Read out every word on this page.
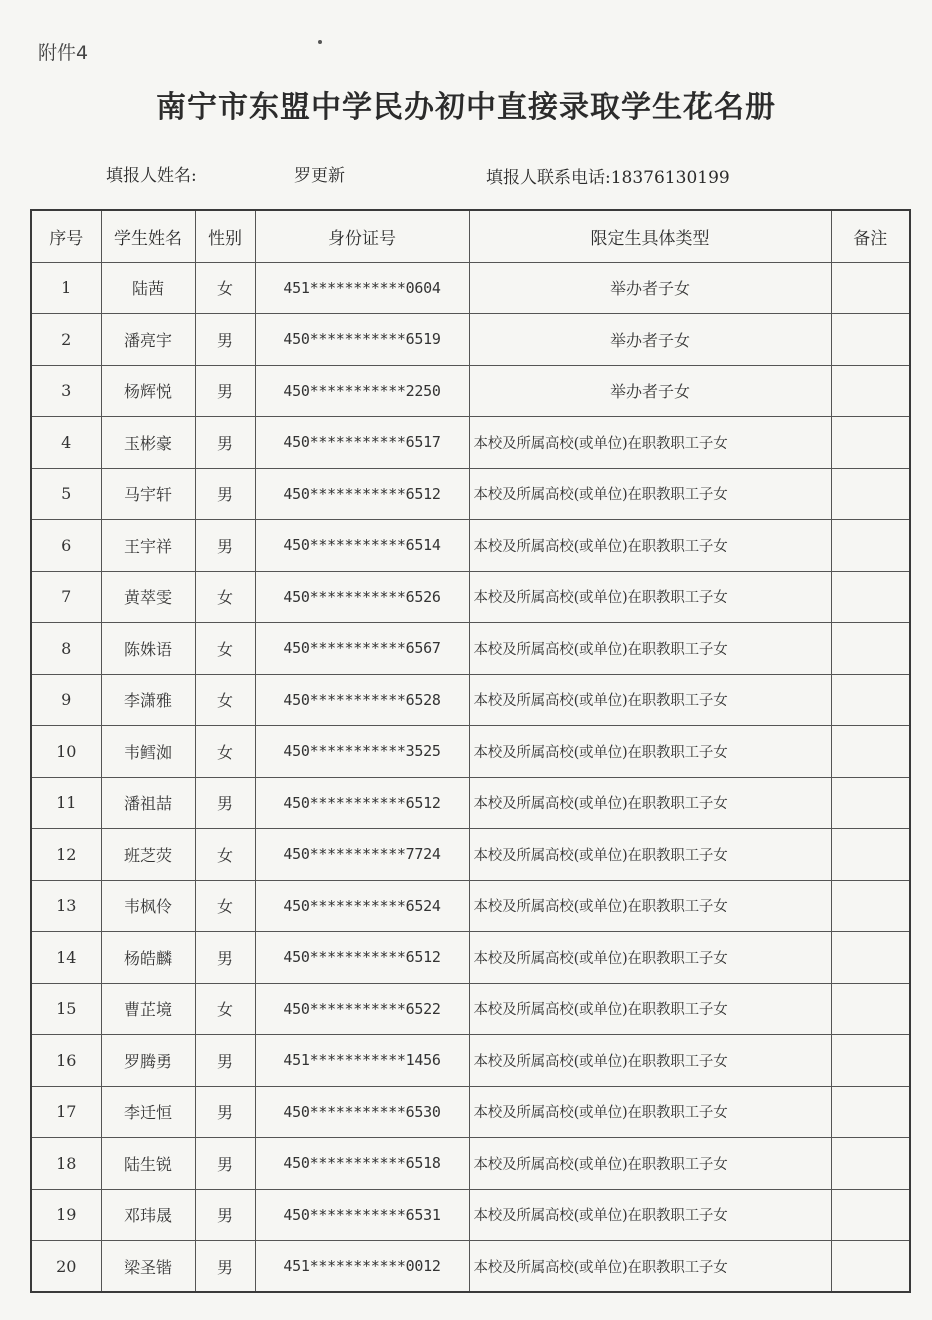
附件4
南宁市东盟中学民办初中直接录取学生花名册
填报人姓名:	罗更新	填报人联系电话:18376130199
序号	学生姓名	性别	身份证号	限定生具体类型	备注
1	陆茜	女	451***********0604	举办者子女	
2	潘亮宇	男	450***********6519	举办者子女	
3	杨辉悦	男	450***********2250	举办者子女	
4	玉彬豪	男	450***********6517	本校及所属高校(或单位)在职教职工子女	
5	马宇轩	男	450***********6512	本校及所属高校(或单位)在职教职工子女	
6	王宇祥	男	450***********6514	本校及所属高校(或单位)在职教职工子女	
7	黄萃雯	女	450***********6526	本校及所属高校(或单位)在职教职工子女	
8	陈姝语	女	450***********6567	本校及所属高校(或单位)在职教职工子女	
9	李潇雅	女	450***********6528	本校及所属高校(或单位)在职教职工子女	
10	韦鳕洳	女	450***********3525	本校及所属高校(或单位)在职教职工子女	
11	潘祖喆	男	450***********6512	本校及所属高校(或单位)在职教职工子女	
12	班芝荧	女	450***********7724	本校及所属高校(或单位)在职教职工子女	
13	韦枫伶	女	450***********6524	本校及所属高校(或单位)在职教职工子女	
14	杨皓麟	男	450***********6512	本校及所属高校(或单位)在职教职工子女	
15	曹芷境	女	450***********6522	本校及所属高校(或单位)在职教职工子女	
16	罗腾勇	男	451***********1456	本校及所属高校(或单位)在职教职工子女	
17	李迁恒	男	450***********6530	本校及所属高校(或单位)在职教职工子女	
18	陆生锐	男	450***********6518	本校及所属高校(或单位)在职教职工子女	
19	邓玮晟	男	450***********6531	本校及所属高校(或单位)在职教职工子女	
20	梁圣锴	男	451***********0012	本校及所属高校(或单位)在职教职工子女	
